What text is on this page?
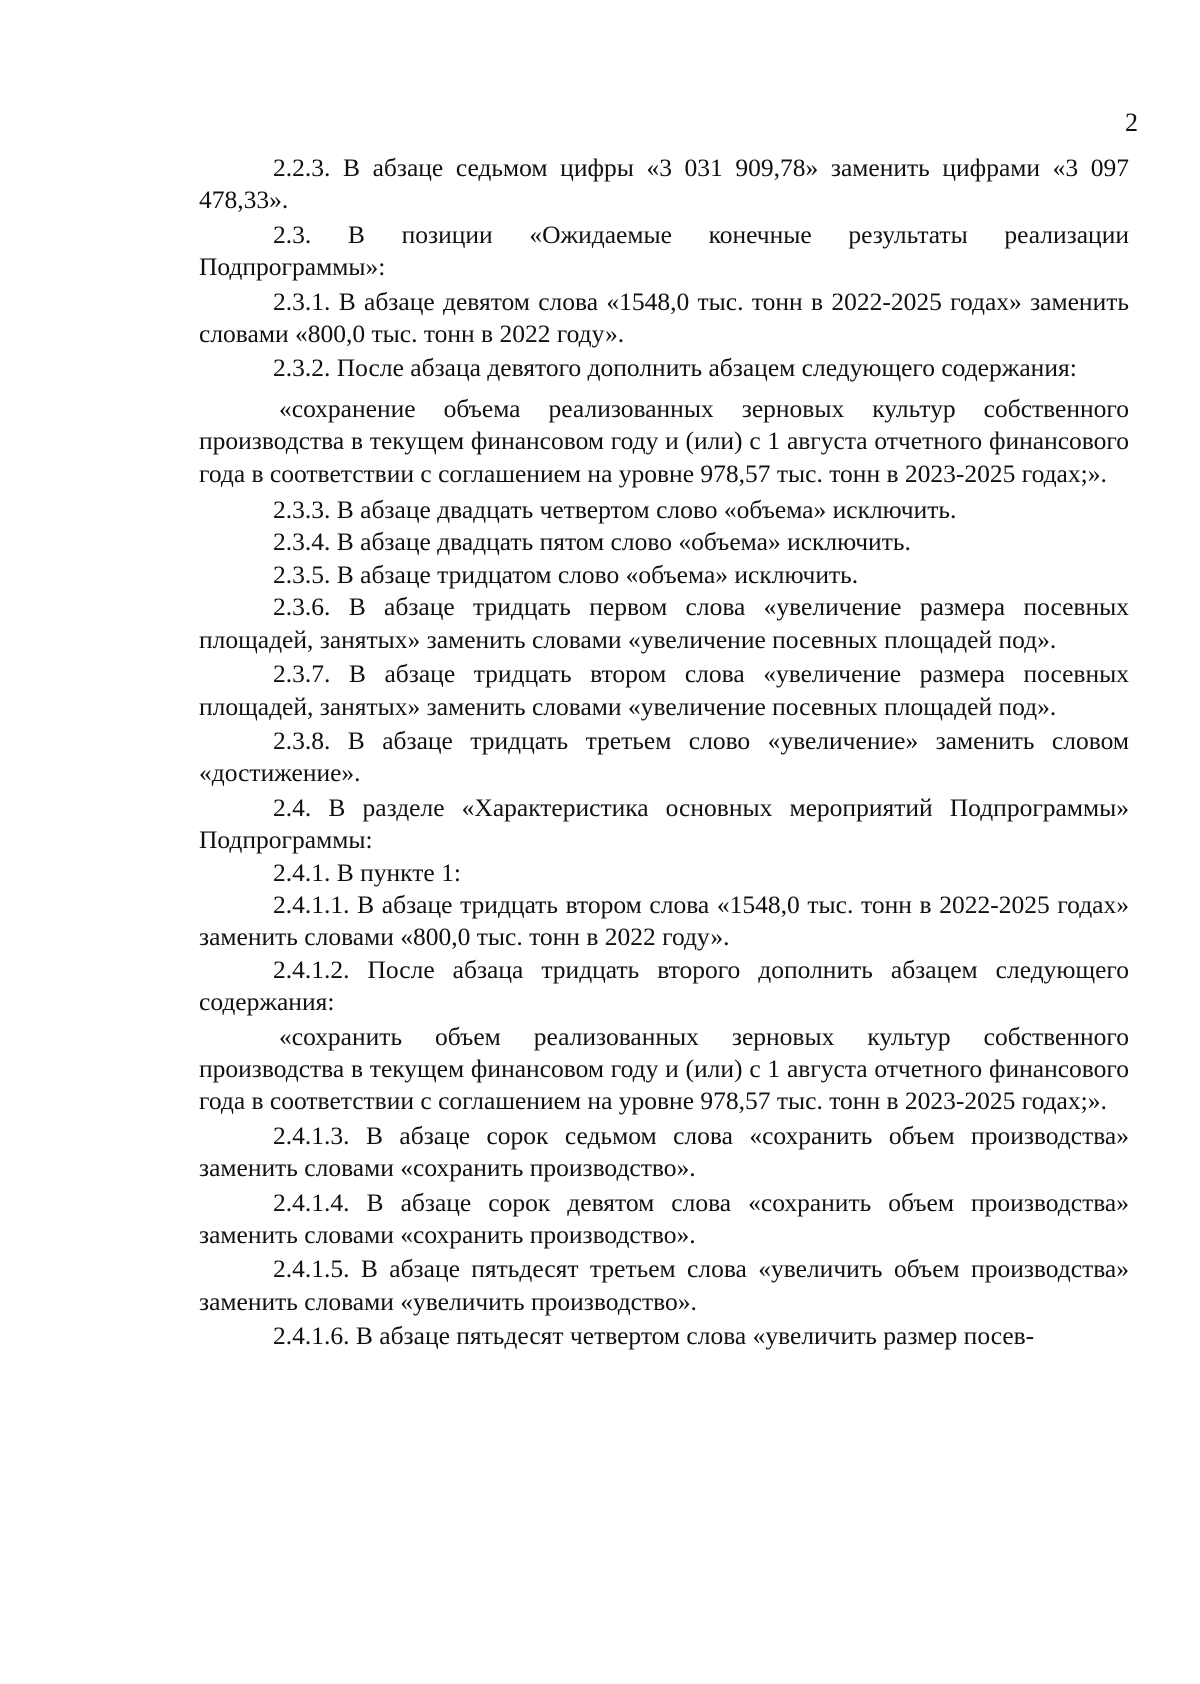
2

2.2.3. В абзаце седьмом цифры «3 031 909,78» заменить цифрами «3 097 478,33».

2.3. В позиции «Ожидаемые конечные результаты реализации Подпрограммы»:

2.3.1. В абзаце девятом слова «1548,0 тыс. тонн в 2022-2025 годах» заменить словами «800,0 тыс. тонн в 2022 году».

2.3.2. После абзаца девятого дополнить абзацем следующего содержания:

«сохранение объема реализованных зерновых культур собственного производства в текущем финансовом году и (или) с 1 августа отчетного финансового года в соответствии с соглашением на уровне 978,57 тыс. тонн в 2023-2025 годах;».

2.3.3. В абзаце двадцать четвертом слово «объема» исключить.

2.3.4. В абзаце двадцать пятом слово «объема» исключить.

2.3.5. В абзаце тридцатом слово «объема» исключить.

2.3.6. В абзаце тридцать первом слова «увеличение размера посевных площадей, занятых» заменить словами «увеличение посевных площадей под».

2.3.7. В абзаце тридцать втором слова «увеличение размера посевных площадей, занятых» заменить словами «увеличение посевных площадей под».

2.3.8. В абзаце тридцать третьем слово «увеличение» заменить словом «достижение».

2.4. В разделе «Характеристика основных мероприятий Подпрограммы» Подпрограммы:

2.4.1. В пункте 1:

2.4.1.1. В абзаце тридцать втором слова «1548,0 тыс. тонн в 2022-2025 годах» заменить словами «800,0 тыс. тонн в 2022 году».

2.4.1.2. После абзаца тридцать второго дополнить абзацем следующего содержания:

«сохранить объем реализованных зерновых культур собственного производства в текущем финансовом году и (или) с 1 августа отчетного финансового года в соответствии с соглашением на уровне 978,57 тыс. тонн в 2023-2025 годах;».

2.4.1.3. В абзаце сорок седьмом слова «сохранить объем производства» заменить словами «сохранить производство».

2.4.1.4. В абзаце сорок девятом слова «сохранить объем производства» заменить словами «сохранить производство».

2.4.1.5. В абзаце пятьдесят третьем слова «увеличить объем производства» заменить словами «увеличить производство».

2.4.1.6. В абзаце пятьдесят четвертом слова «увеличить размер посев-
